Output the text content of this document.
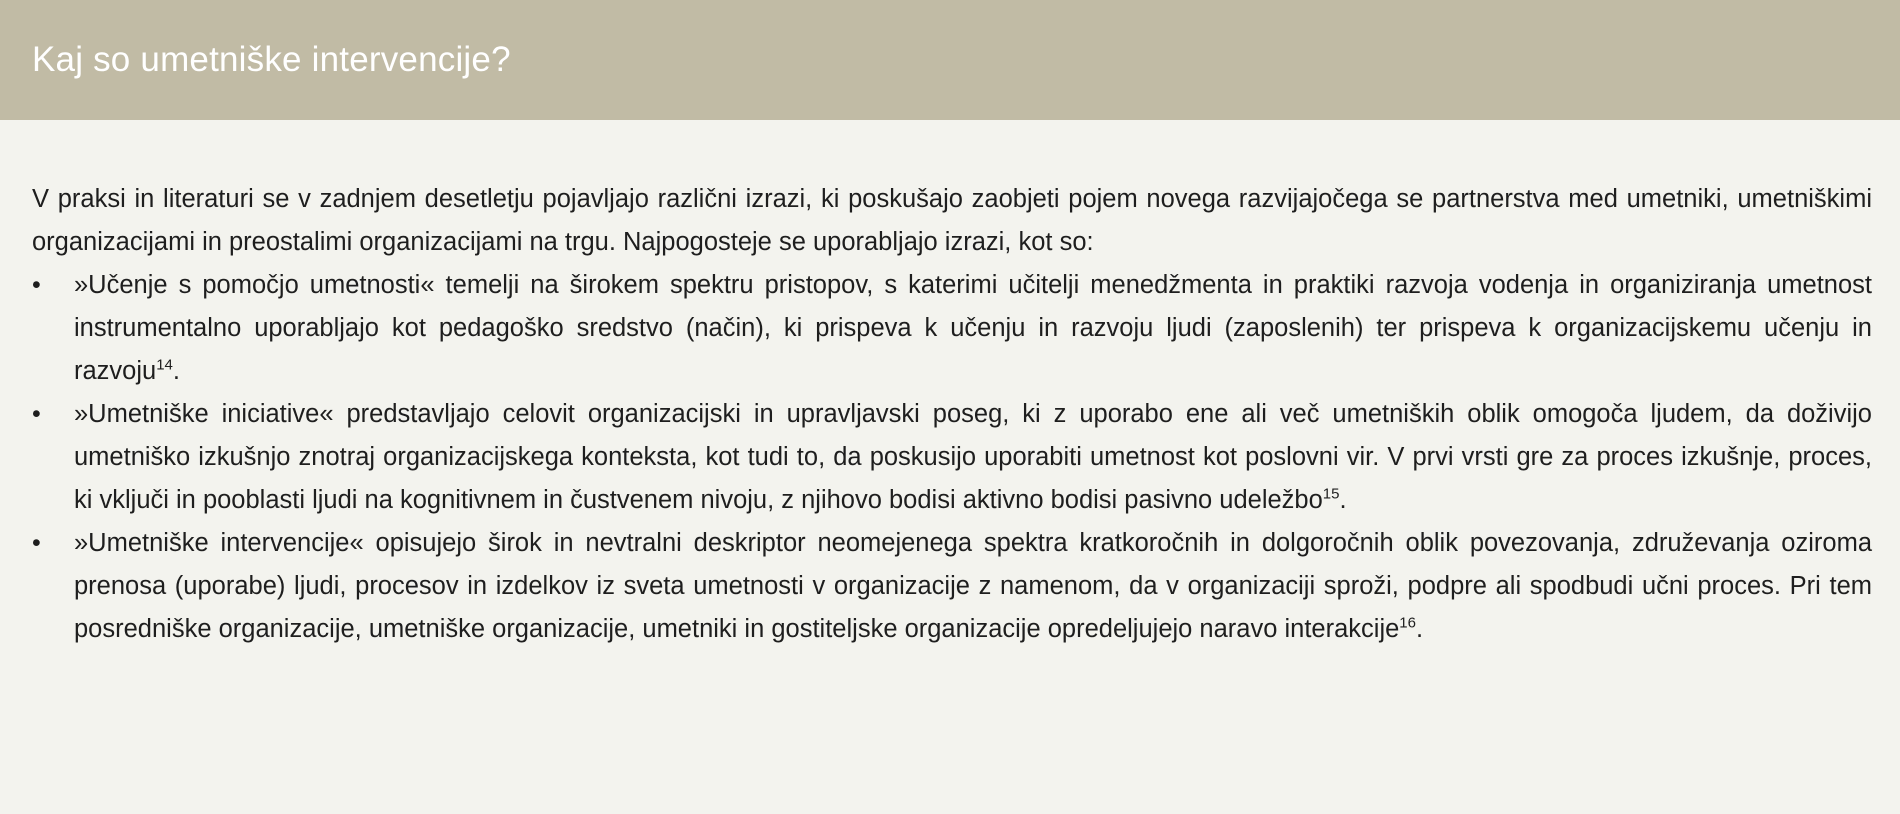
Kaj so umetniške intervencije?

V praksi in literaturi se v zadnjem desetletju pojavljajo različni izrazi, ki poskušajo zaobjeti pojem novega razvijajočega se partnerstva med umetniki, umetniškimi organizacijami in preostalimi organizacijami na trgu. Najpogosteje se uporabljajo izrazi, kot so:

• »Učenje s pomočjo umetnosti« temelji na širokem spektru pristopov, s katerimi učitelji menedžmenta in praktiki razvoja vodenja in organiziranja umetnost instrumentalno uporabljajo kot pedagoško sredstvo (način), ki prispeva k učenju in razvoju ljudi (zaposlenih) ter prispeva k organizacijskemu učenju in razvoju$^{14}$.
• »Umetniške iniciative« predstavljajo celovit organizacijski in upravljavski poseg, ki z uporabo ene ali več umetniških oblik omogoča ljudem, da doživijo umetniško izkušnjo znotraj organizacijskega konteksta, kot tudi to, da poskusijo uporabiti umetnost kot poslovni vir. V prvi vrsti gre za proces izkušnje, proces, ki vključi in pooblasti ljudi na kognitivnem in čustvenem nivoju, z njihovo bodisi aktivno bodisi pasivno udeležbo$^{15}$.
• »Umetniške intervencije« opisujejo širok in nevtralni deskriptor neomejenega spektra kratkoročnih in dolgoročnih oblik povezovanja, združevanja oziroma prenosa (uporabe) ljudi, procesov in izdelkov iz sveta umetnosti v organizacije z namenom, da v organizaciji sproži, podpre ali spodbudi učni proces. Pri tem posredniške organizacije, umetniške organizacije, umetniki in gostiteljske organizacije opredeljujejo naravo interakcije$^{16}$.
